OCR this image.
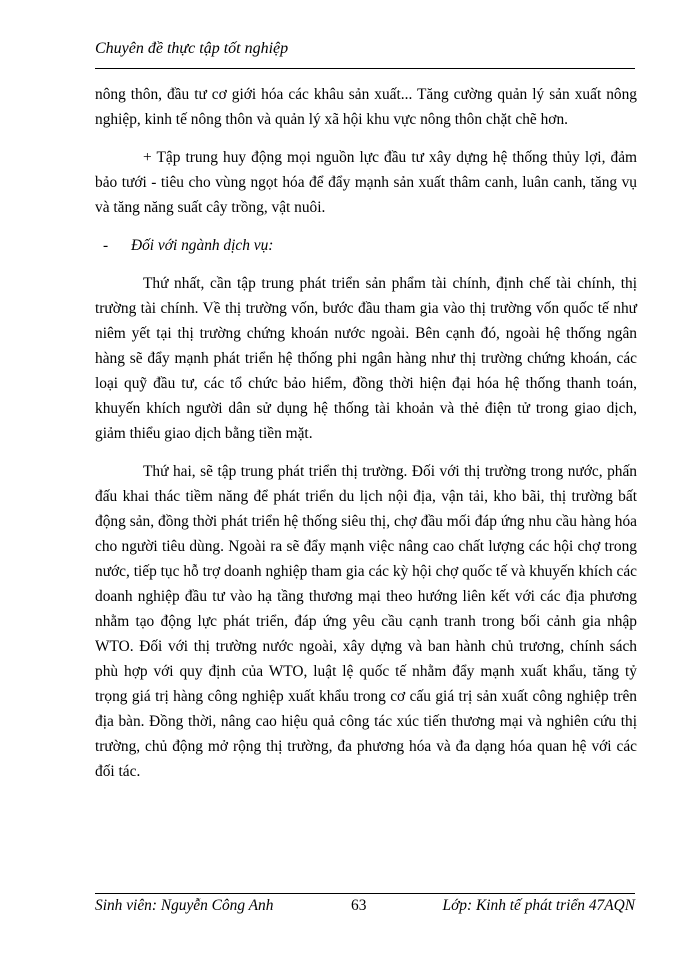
Chuyên đề thực tập tốt nghiệp

nông thôn, đầu tư cơ giới hóa các khâu sản xuất... Tăng cường quản lý sản xuất nông nghiệp, kinh tế nông thôn và quản lý xã hội khu vực nông thôn chặt chẽ hơn.

+ Tập trung huy động mọi nguồn lực đầu tư xây dựng hệ thống thủy lợi, đảm bảo tưới - tiêu cho vùng ngọt hóa để đẩy mạnh sản xuất thâm canh, luân canh, tăng vụ và tăng năng suất cây trồng, vật nuôi.

- Đối với ngành dịch vụ:

Thứ nhất, cần tập trung phát triển sản phẩm tài chính, định chế tài chính, thị trường tài chính. Về thị trường vốn, bước đầu tham gia vào thị trường vốn quốc tế như niêm yết tại thị trường chứng khoán nước ngoài. Bên cạnh đó, ngoài hệ thống ngân hàng sẽ đẩy mạnh phát triển hệ thống phi ngân hàng như thị trường chứng khoán, các loại quỹ đầu tư, các tổ chức bảo hiểm, đồng thời hiện đại hóa hệ thống thanh toán, khuyến khích người dân sử dụng hệ thống tài khoản và thẻ điện tử trong giao dịch, giảm thiểu giao dịch bằng tiền mặt.

Thứ hai, sẽ tập trung phát triển thị trường. Đối với thị trường trong nước, phấn đấu khai thác tiềm năng để phát triển du lịch nội địa, vận tải, kho bãi, thị trường bất động sản, đồng thời phát triển hệ thống siêu thị, chợ đầu mối đáp ứng nhu cầu hàng hóa cho người tiêu dùng. Ngoài ra sẽ đẩy mạnh việc nâng cao chất lượng các hội chợ trong nước, tiếp tục hỗ trợ doanh nghiệp tham gia các kỳ hội chợ quốc tế và khuyến khích các doanh nghiệp đầu tư vào hạ tầng thương mại theo hướng liên kết với các địa phương nhằm tạo động lực phát triển, đáp ứng yêu cầu cạnh tranh trong bối cảnh gia nhập WTO. Đối với thị trường nước ngoài, xây dựng và ban hành chủ trương, chính sách phù hợp với quy định của WTO, luật lệ quốc tế nhằm đẩy mạnh xuất khẩu, tăng tỷ trọng giá trị hàng công nghiệp xuất khẩu trong cơ cấu giá trị sản xuất công nghiệp trên địa bàn. Đồng thời, nâng cao hiệu quả công tác xúc tiến thương mại và nghiên cứu thị trường, chủ động mở rộng thị trường, đa phương hóa và đa dạng hóa quan hệ với các đối tác.

Sinh viên: Nguyễn Công Anh	63	Lớp: Kinh tế phát triển 47AQN
